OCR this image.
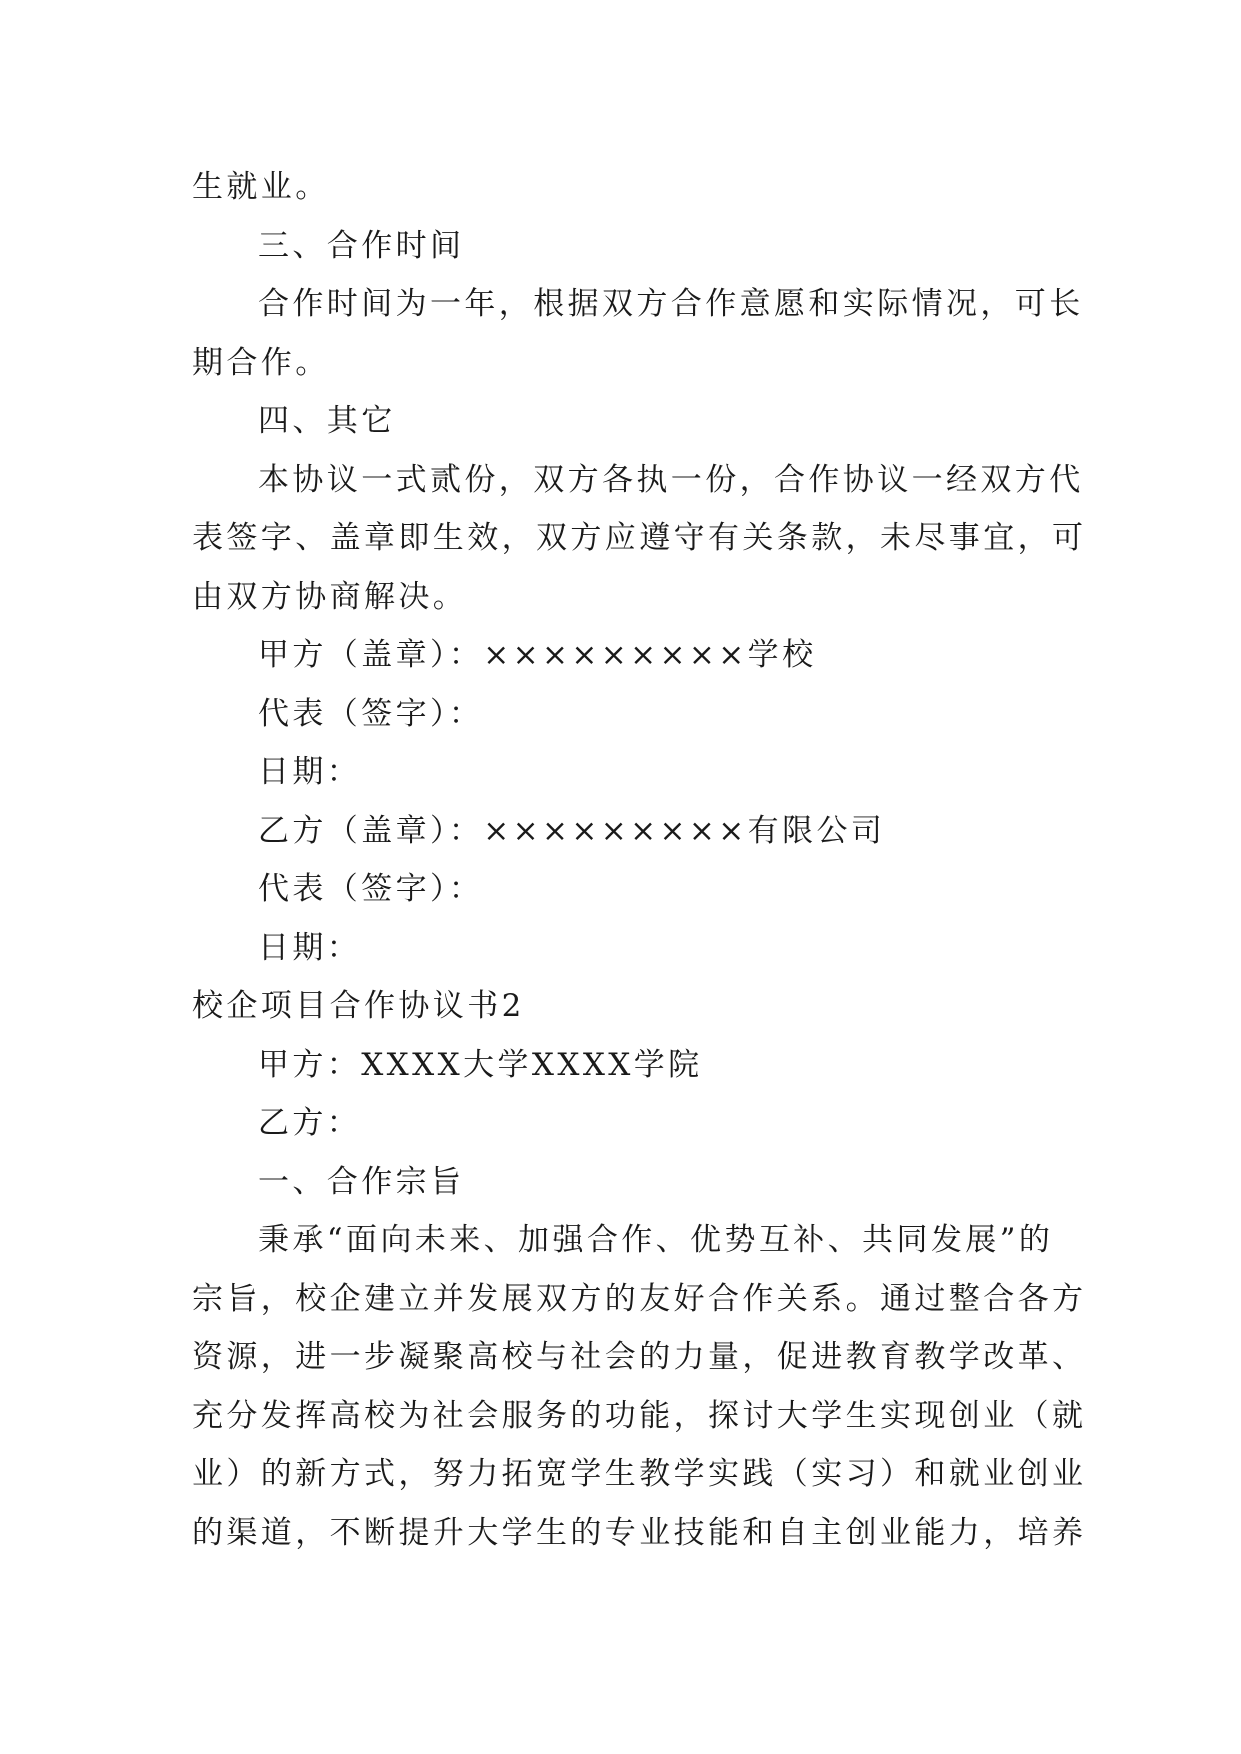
生就业。
三、合作时间
合作时间为一年，根据双方合作意愿和实际情况，可长
期合作。
四、其它
本协议一式贰份，双方各执一份，合作协议一经双方代
表签字、盖章即生效，双方应遵守有关条款，未尽事宜，可
由双方协商解决。
甲方（盖章）：×××××××××学校
代表（签字）：
日期：
乙方（盖章）：×××××××××有限公司
代表（签字）：
日期：
校企项目合作协议书2
甲方：XXXX大学XXXX学院
乙方：
一、合作宗旨
秉承“面向未来、加强合作、优势互补、共同发展”的
宗旨，校企建立并发展双方的友好合作关系。通过整合各方
资源，进一步凝聚高校与社会的力量，促进教育教学改革、
充分发挥高校为社会服务的功能，探讨大学生实现创业（就
业）的新方式，努力拓宽学生教学实践（实习）和就业创业
的渠道，不断提升大学生的专业技能和自主创业能力，培养
